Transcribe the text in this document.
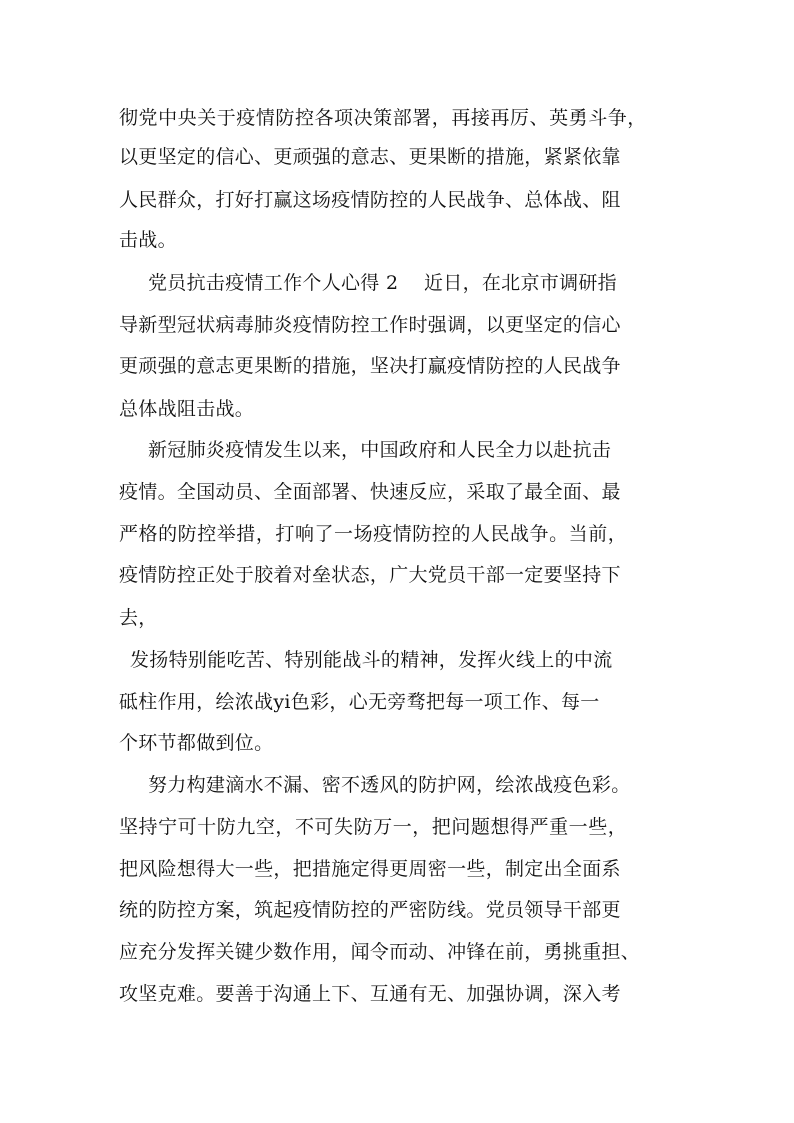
彻党中央关于疫情防控各项决策部署，再接再厉、英勇斗争，
以更坚定的信心、更顽强的意志、更果断的措施，紧紧依靠
人民群众，打好打赢这场疫情防控的人民战争、总体战、阻
击战。
党员抗击疫情工作个人心得 2　 近日，在北京市调研指
导新型冠状病毒肺炎疫情防控工作时强调，以更坚定的信心
更顽强的意志更果断的措施，坚决打赢疫情防控的人民战争
总体战阻击战。
新冠肺炎疫情发生以来，中国政府和人民全力以赴抗击
疫情。全国动员、全面部署、快速反应，采取了最全面、最
严格的防控举措，打响了一场疫情防控的人民战争。当前，
疫情防控正处于胶着对垒状态，广大党员干部一定要坚持下
去，
发扬特别能吃苦、特别能战斗的精神，发挥火线上的中流
砥柱作用，绘浓战yi色彩，心无旁骛把每一项工作、每一
个环节都做到位。
努力构建滴水不漏、密不透风的防护网，绘浓战疫色彩。
坚持宁可十防九空，不可失防万一，把问题想得严重一些，
把风险想得大一些，把措施定得更周密一些，制定出全面系
统的防控方案，筑起疫情防控的严密防线。党员领导干部更
应充分发挥关键少数作用，闻令而动、冲锋在前，勇挑重担、
攻坚克难。要善于沟通上下、互通有无、加强协调，深入考
